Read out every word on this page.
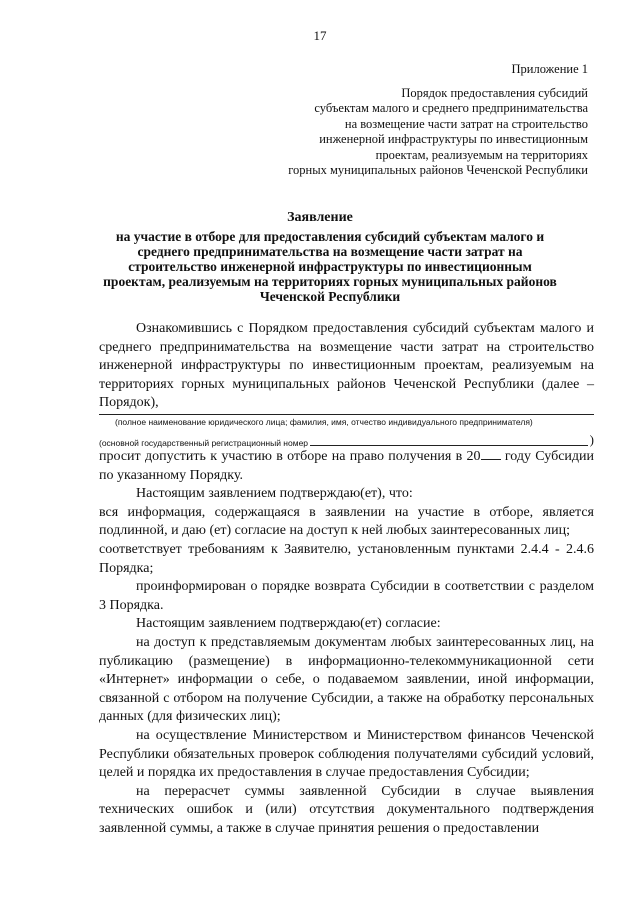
17
Приложение 1
Порядок предоставления субсидий
субъектам малого и среднего предпринимательства
на возмещение части затрат на строительство
инженерной инфраструктуры по инвестиционным
проектам, реализуемым на территориях
горных муниципальных районов Чеченской Республики
Заявление
на участие в отборе для предоставления субсидий субъектам малого и среднего предпринимательства на возмещение части затрат на строительство инженерной инфраструктуры по инвестиционным проектам, реализуемым на территориях горных муниципальных районов Чеченской Республики

Ознакомившись с Порядком предоставления субсидий субъектам малого и среднего предпринимательства на возмещение части затрат на строительство инженерной инфраструктуры по инвестиционным проектам, реализуемым на территориях горных муниципальных районов Чеченской Республики (далее – Порядок),

(полное наименование юридического лица; фамилия, имя, отчество индивидуального предпринимателя)
(основной государственный регистрационный номер	)

просит допустить к участию в отборе на право получения в 20 году Субсидии по указанному Порядку.

Настоящим заявлением подтверждаю(ет), что:

вся информация, содержащаяся в заявлении на участие в отборе, является подлинной, и даю (ет) согласие на доступ к ней любых заинтересованных лиц;

соответствует требованиям к Заявителю, установленным пунктами 2.4.4 - 2.4.6 Порядка;

проинформирован о порядке возврата Субсидии в соответствии с разделом 3 Порядка.

Настоящим заявлением подтверждаю(ет) согласие:

на доступ к представляемым документам любых заинтересованных лиц, на публикацию (размещение) в информационно-телекоммуникационной сети «Интернет» информации о себе, о подаваемом заявлении, иной информации, связанной с отбором на получение Субсидии, а также на обработку персональных данных (для физических лиц);

на осуществление Министерством и Министерством финансов Чеченской Республики обязательных проверок соблюдения получателями субсидий условий, целей и порядка их предоставления в случае предоставления Субсидии;

на перерасчет суммы заявленной Субсидии в случае выявления технических ошибок и (или) отсутствия документального подтверждения заявленной суммы, а также в случае принятия решения о предоставлении
